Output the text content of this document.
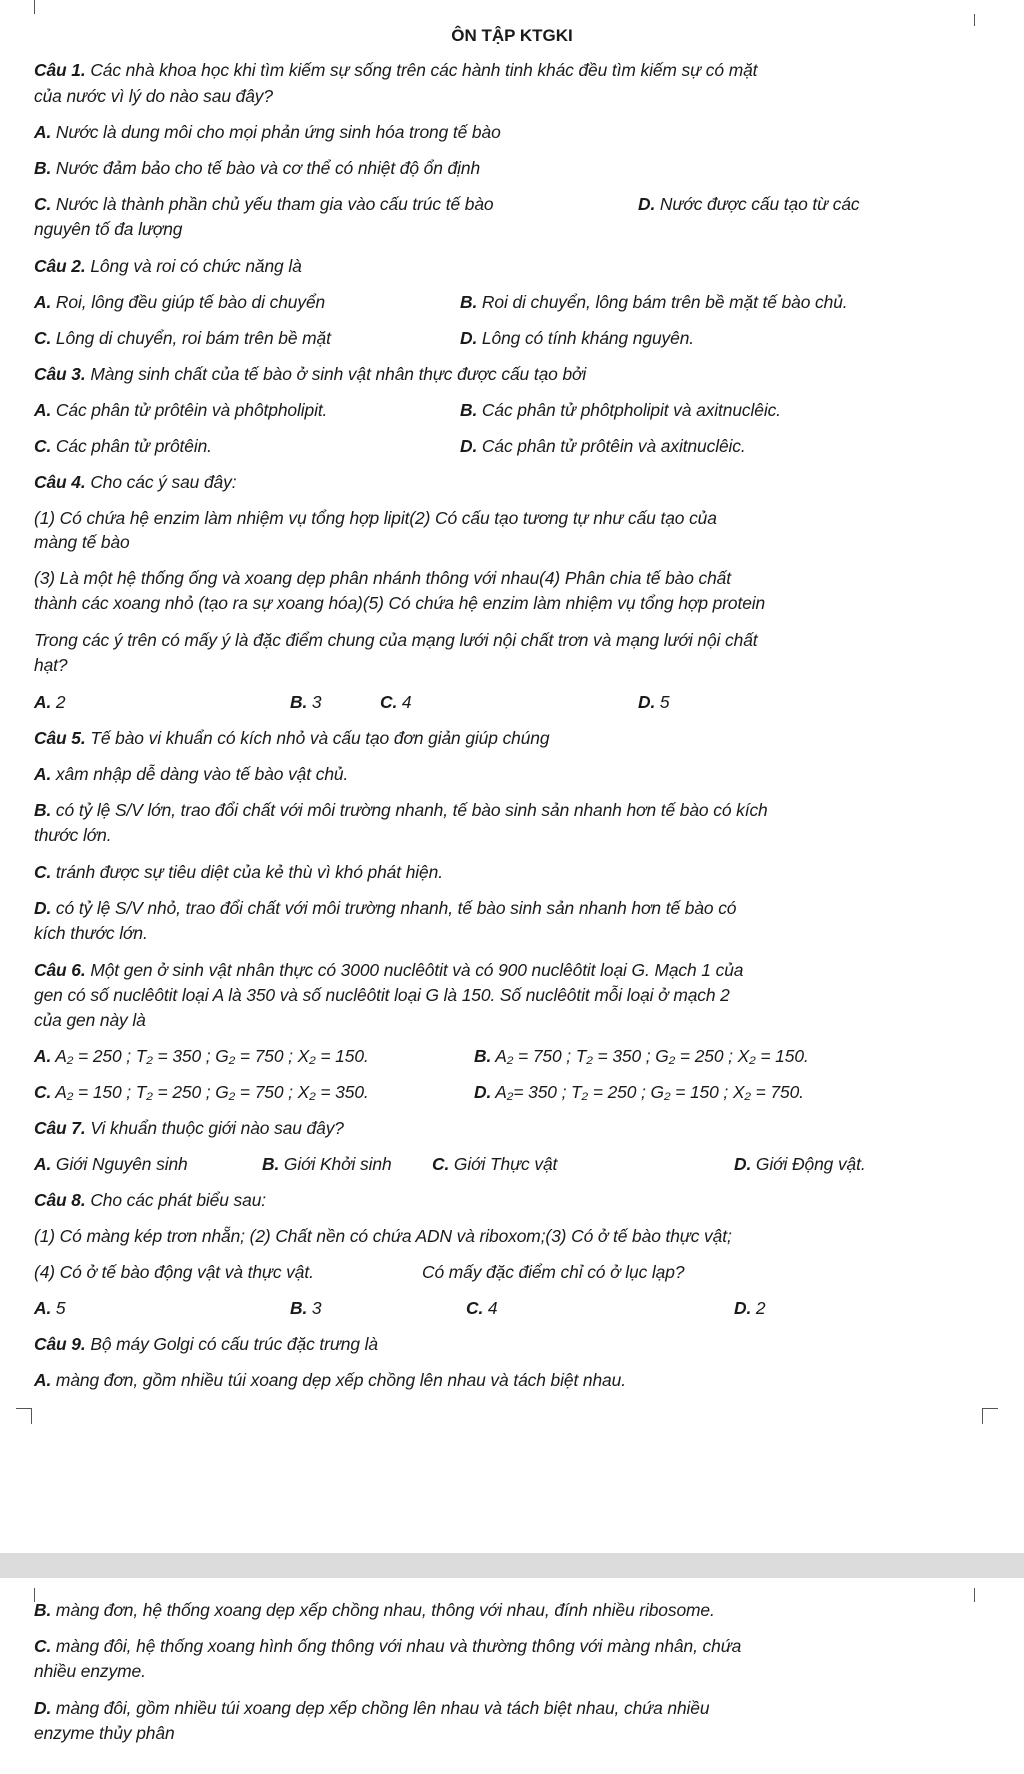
ÔN TẬP KTGKI
Câu 1. Các nhà khoa học khi tìm kiếm sự sống trên các hành tinh khác đều tìm kiếm sự có mặt
của nước vì lý do nào sau đây?
A. Nước là dung môi cho mọi phản ứng sinh hóa trong tế bào
B. Nước đảm bảo cho tế bào và cơ thể có nhiệt độ ổn định
C. Nước là thành phần chủ yếu tham gia vào cấu trúc tế bào	D. Nước được cấu tạo từ các
nguyên tố đa lượng
Câu 2. Lông và roi có chức năng là
A. Roi, lông đều giúp tế bào di chuyển	B. Roi di chuyển, lông bám trên bề mặt tế bào chủ.
C. Lông di chuyển, roi bám trên bề mặt	D. Lông có tính kháng nguyên.
Câu 3. Màng sinh chất của tế bào ở sinh vật nhân thực được cấu tạo bởi
A. Các phân tử prôtêin và phôtpholipit.	B. Các phân tử phôtpholipit và axitnuclêic.
C. Các phân tử prôtêin.	D. Các phân tử prôtêin và axitnuclêic.
Câu 4. Cho các ý sau đây:
(1) Có chứa hệ enzim làm nhiệm vụ tổng hợp lipit(2) Có cấu tạo tương tự như cấu tạo của
màng tế bào
(3) Là một hệ thống ống và xoang dẹp phân nhánh thông với nhau(4) Phân chia tế bào chất
thành các xoang nhỏ (tạo ra sự xoang hóa)(5) Có chứa hệ enzim làm nhiệm vụ tổng hợp protein
Trong các ý trên có mấy ý là đặc điểm chung của mạng lưới nội chất trơn và mạng lưới nội chất
hạt?
A. 2	B. 3	C. 4	D. 5
Câu 5. Tế bào vi khuẩn có kích nhỏ và cấu tạo đơn giản giúp chúng
A. xâm nhập dễ dàng vào tế bào vật chủ.
B. có tỷ lệ S/V lớn, trao đổi chất với môi trường nhanh, tế bào sinh sản nhanh hơn tế bào có kích
thước lớn.
C. tránh được sự tiêu diệt của kẻ thù vì khó phát hiện.
D. có tỷ lệ S/V nhỏ, trao đổi chất với môi trường nhanh, tế bào sinh sản nhanh hơn tế bào có
kích thước lớn.
Câu 6. Một gen ở sinh vật nhân thực có 3000 nuclêôtit và có 900 nuclêôtit loại G. Mạch 1 của
gen có số nuclêôtit loại A là 350 và số nuclêôtit loại G là 150. Số nuclêôtit mỗi loại ở mạch 2
của gen này là
A. A₂ = 250 ; T₂ = 350 ; G₂ = 750 ; X₂ = 150.	B. A₂ = 750 ; T₂ = 350 ; G₂ = 250 ; X₂ = 150.
C. A₂ = 150 ; T₂ = 250 ; G₂ = 750 ; X₂ = 350.	D. A₂= 350 ; T₂ = 250 ; G₂ = 150 ; X₂ = 750.
Câu 7. Vi khuẩn thuộc giới nào sau đây?
A. Giới Nguyên sinh	B. Giới Khởi sinh C. Giới Thực vật	D. Giới Động vật.
Câu 8. Cho các phát biểu sau:
(1) Có màng kép trơn nhẵn; (2) Chất nền có chứa ADN và riboxom;(3) Có ở tế bào thực vật;
(4) Có ở tế bào động vật và thực vật.	Có mấy đặc điểm chỉ có ở lục lạp?
A. 5	B. 3	C. 4	D. 2
Câu 9. Bộ máy Golgi có cấu trúc đặc trưng là
A. màng đơn, gồm nhiều túi xoang dẹp xếp chồng lên nhau và tách biệt nhau.
B. màng đơn, hệ thống xoang dẹp xếp chồng nhau, thông với nhau, đính nhiều ribosome.
C. màng đôi, hệ thống xoang hình ống thông với nhau và thường thông với màng nhân, chứa
nhiều enzyme.
D. màng đôi, gồm nhiều túi xoang dẹp xếp chồng lên nhau và tách biệt nhau, chứa nhiều
enzyme thủy phân
